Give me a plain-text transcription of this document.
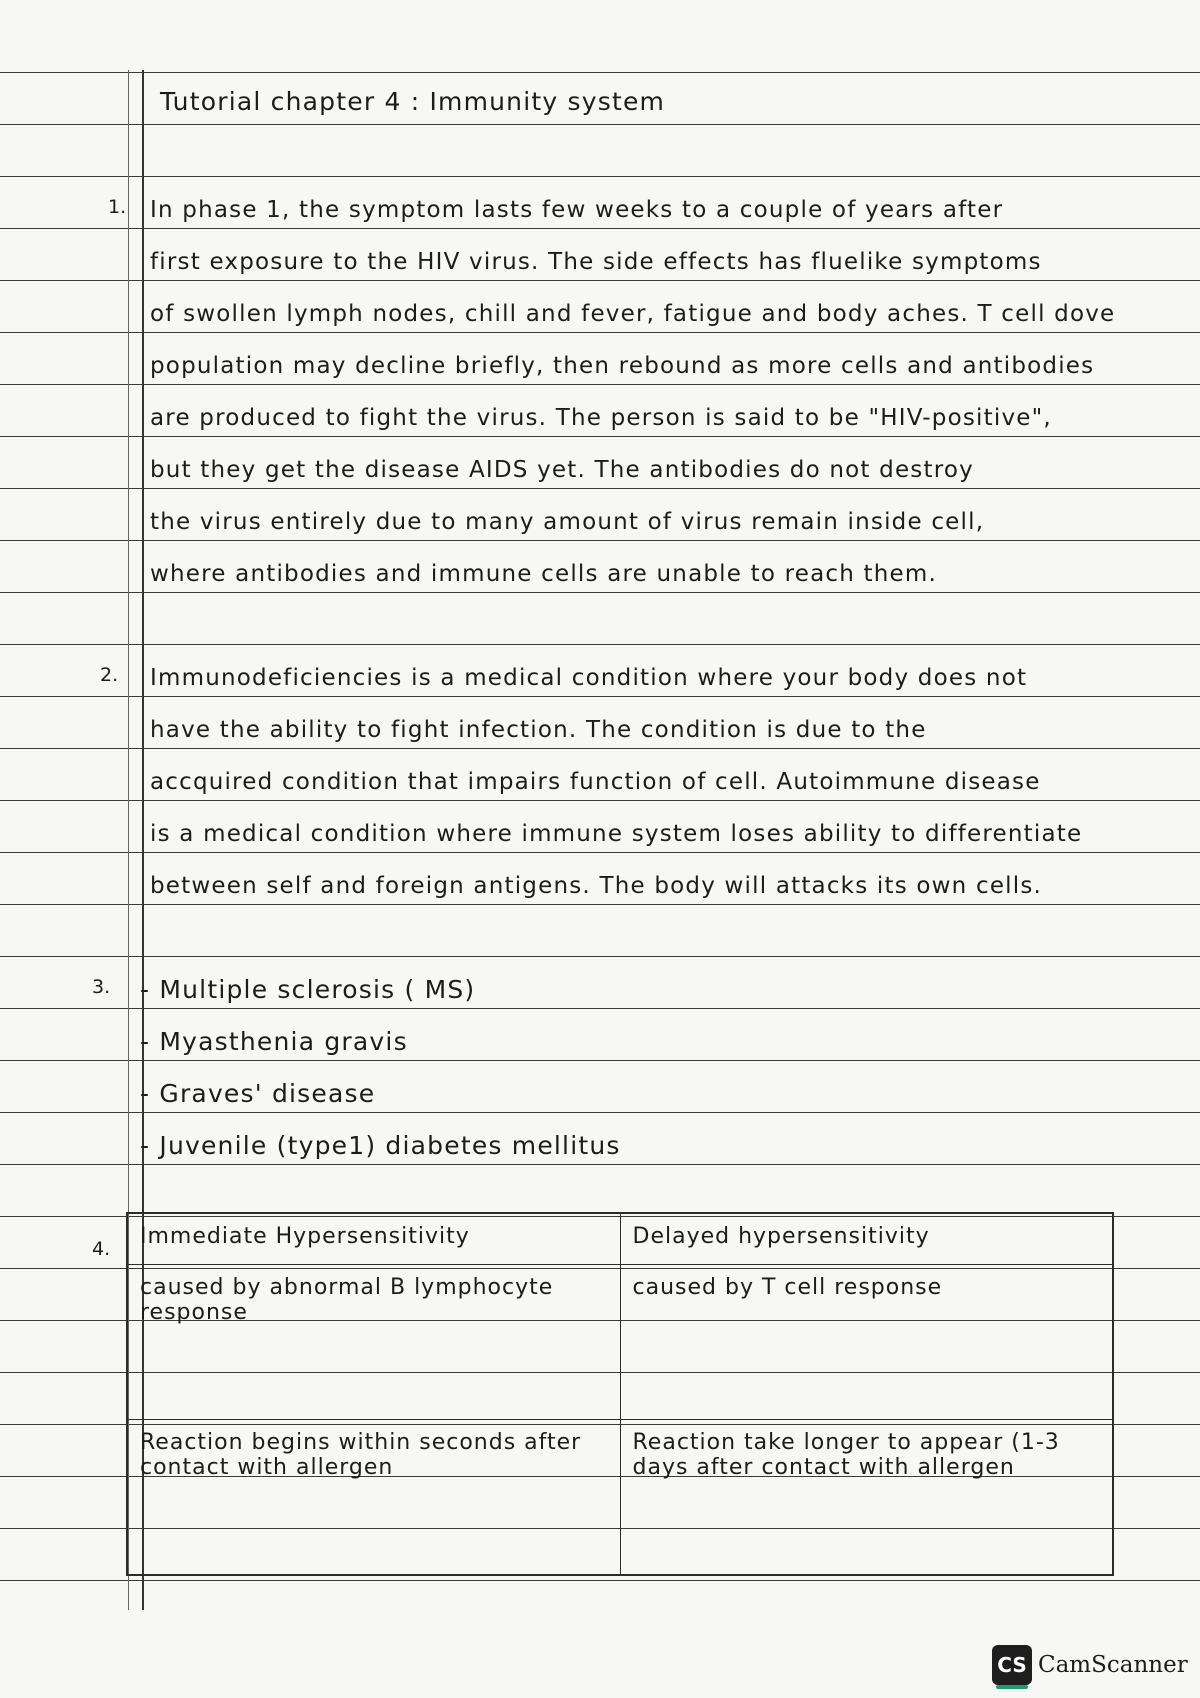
Tutorial chapter 4 : Immunity system
1. In phase 1, the symptom lasts few weeks to a couple of years after
first exposure to the HIV virus. The side effects has fluelike symptoms
of swollen lymph nodes, chill and fever, fatigue and body aches. T cell dove
population may decline briefly, then rebound as more cells and antibodies
are produced to fight the virus. The person is said to be "HIV-positive",
but they get the disease AIDS yet. The antibodies do not destroy
the virus entirely due to many amount of virus remain inside cell,
where antibodies and immune cells are unable to reach them.
2. Immunodeficiencies is a medical condition where your body does not
have the ability to fight infection. The condition is due to the
accquired condition that impairs function of cell. Autoimmune disease
is a medical condition where immune system loses ability to differentiate
between self and foreign antigens. The body will attacks its own cells.
3. - Multiple sclerosis ( MS)
- Myasthenia gravis
- Graves' disease
- Juvenile (type1) diabetes mellitus
4. Immediate Hypersensitivity	Delayed hypersensitivity
caused by abnormal B lymphocyte response	caused by T cell response
Reaction begins within seconds after contact with allergen	Reaction take longer to appear (1-3 days after contact with allergen
CS CamScanner
